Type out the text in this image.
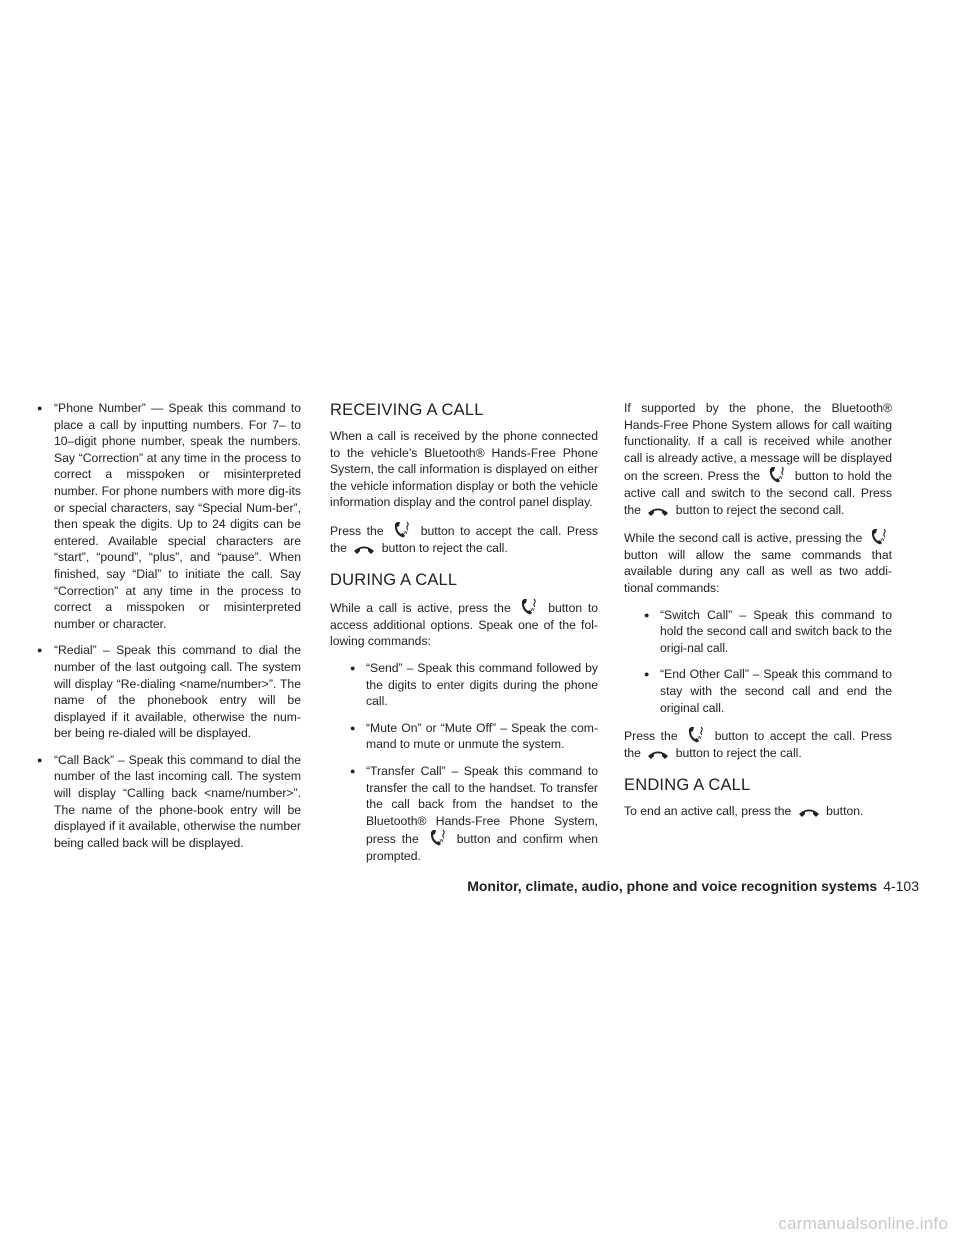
● “Phone Number” — Speak this command to place a call by inputting numbers. For 7– to 10–digit phone number, speak the numbers. Say “Correction” at any time in the process to correct a misspoken or misinterpreted number. For phone numbers with more dig-its or special characters, say “Special Num-ber”, then speak the digits. Up to 24 digits can be entered. Available special characters are “start”, “pound”, “plus”, and “pause”. When finished, say “Dial” to initiate the call. Say “Correction” at any time in the process to correct a misspoken or misinterpreted number or character.
● “Redial” – Speak this command to dial the number of the last outgoing call. The system will display “Re-dialing <name/number>”. The name of the phonebook entry will be displayed if it available, otherwise the num-ber being re-dialed will be displayed.
● “Call Back” – Speak this command to dial the number of the last incoming call. The system will display “Calling back <name/number>”. The name of the phone-book entry will be displayed if it available, otherwise the number being called back will be displayed.
RECEIVING A CALL

When a call is received by the phone connected to the vehicle’s Bluetooth® Hands-Free Phone System, the call information is displayed on either the vehicle information display or both the vehicle information display and the control panel display.

Press the	w button to accept the call. Press the	button to reject the call.

DURING A CALL

While a call is active, press the	w button to access additional options. Speak one of the fol-lowing commands:

● “Send” – Speak this command followed by the digits to enter digits during the phone call.
● “Mute On” or “Mute Off” – Speak the com-mand to mute or unmute the system.
● “Transfer Call” – Speak this command to transfer the call to the handset. To transfer the call back from the handset to the Bluetooth® Hands-Free Phone System, press the	w button and confirm when prompted.

If supported by the phone, the Bluetooth® Hands-Free Phone System allows for call waiting functionality. If a call is received while another call is already active, a message will be displayed on the screen. Press the	w button to hold the active call and switch to the second call. Press the	button to reject the second call.

While the second call is active, pressing the	w
button will allow the same commands that available during any call as well as two addi-tional commands:

● “Switch Call” – Speak this command to hold the second call and switch back to the origi-nal call.
● “End Other Call” – Speak this command to stay with the second call and end the original call.

Press the	w button to accept the call. Press the	button to reject the call.

ENDING A CALL

To end an active call, press the	button.

Monitor, climate, audio, phone and voice recognition systems 4-103
carmanualsonline.info
